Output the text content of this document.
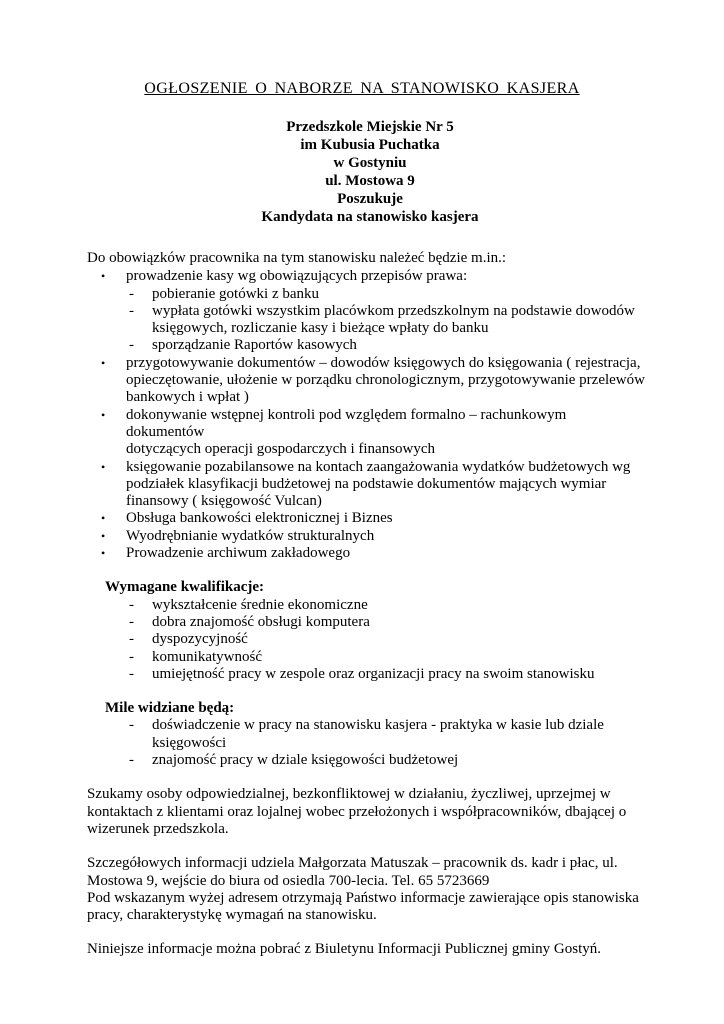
OGŁOSZENIE O NABORZE NA STANOWISKO KASJERA
Przedszkole Miejskie Nr 5
im Kubusia Puchatka
w Gostyniu
ul. Mostowa 9
Poszukuje
Kandydata na stanowisko kasjera

Do obowiązków pracownika na tym stanowisku należeć będzie m.in.:

• prowadzenie kasy wg obowiązujących przepisów prawa:
- pobieranie gotówki z banku
- wypłata gotówki wszystkim placówkom przedszkolnym na podstawie dowodów
księgowych, rozliczanie kasy i bieżące wpłaty do banku
- sporządzanie Raportów kasowych
• przygotowywanie dokumentów – dowodów księgowych do księgowania ( rejestracja,
opieczętowanie, ułożenie w porządku chronologicznym, przygotowywanie przelewów
bankowych i wpłat )
• dokonywanie wstępnej kontroli pod względem formalno – rachunkowym dokumentów
dotyczących operacji gospodarczych i finansowych
• księgowanie pozabilansowe na kontach zaangażowania wydatków budżetowych wg
podziałek klasyfikacji budżetowej na podstawie dokumentów mających wymiar
finansowy ( księgowość Vulcan)
• Obsługa bankowości elektronicznej i Biznes
• Wyodrębnianie wydatków strukturalnych
• Prowadzenie archiwum zakładowego
Wymagane kwalifikacje:
- wykształcenie średnie ekonomiczne
- dobra znajomość obsługi komputera
- dyspozycyjność
- komunikatywność
- umiejętność pracy w zespole oraz organizacji pracy na swoim stanowisku
Mile widziane będą:
- doświadczenie w pracy na stanowisku kasjera - praktyka w kasie lub dziale
księgowości
- znajomość pracy w dziale księgowości budżetowej
Szukamy osoby odpowiedzialnej, bezkonfliktowej w działaniu, życzliwej, uprzejmej w
kontaktach z klientami oraz lojalnej wobec przełożonych i współpracowników, dbającej o
wizerunek przedszkola.
Szczegółowych informacji udziela Małgorzata Matuszak – pracownik ds. kadr i płac, ul.
Mostowa 9, wejście do biura od osiedla 700-lecia. Tel. 65 5723669
Pod wskazanym wyżej adresem otrzymają Państwo informacje zawierające opis stanowiska
pracy, charakterystykę wymagań na stanowisku.
Niniejsze informacje można pobrać z Biuletynu Informacji Publicznej gminy Gostyń.
